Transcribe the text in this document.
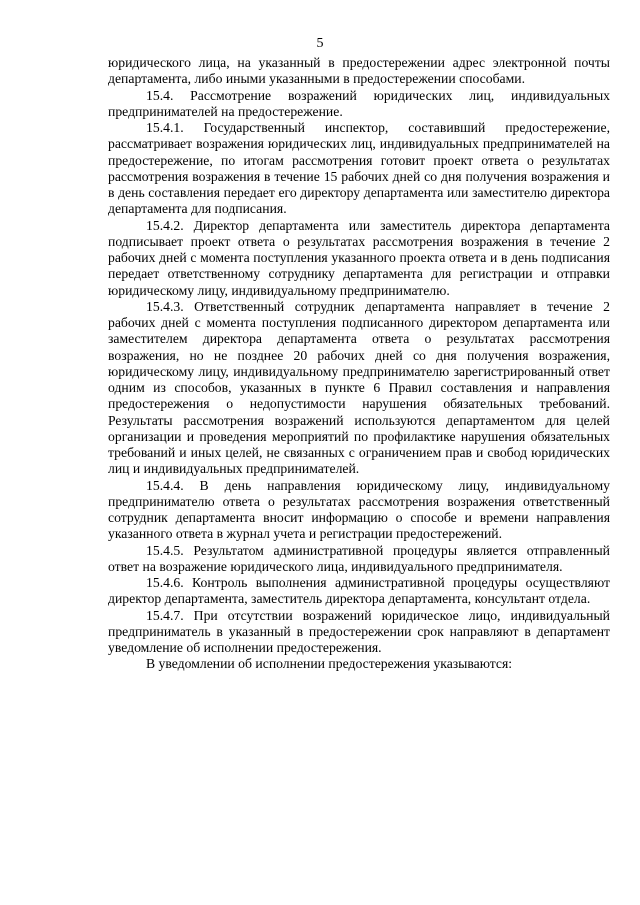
5

юридического лица, на указанный в предостережении адрес электронной почты департамента, либо иными указанными в предостережении способами.

15.4. Рассмотрение возражений юридических лиц, индивидуальных предпринимателей на предостережение.

15.4.1. Государственный инспектор, составивший предостережение, рассматривает возражения юридических лиц, индивидуальных предпринимателей на предостережение, по итогам рассмотрения готовит проект ответа о результатах рассмотрения возражения в течение 15 рабочих дней со дня получения возражения и в день составления передает его директору департамента или заместителю директора департамента для подписания.

15.4.2. Директор департамента или заместитель директора департамента подписывает проект ответа о результатах рассмотрения возражения в течение 2 рабочих дней с момента поступления указанного проекта ответа и в день подписания передает ответственному сотруднику департамента для регистрации и отправки юридическому лицу, индивидуальному предпринимателю.

15.4.3. Ответственный сотрудник департамента направляет в течение 2 рабочих дней с момента поступления подписанного директором департамента или заместителем директора департамента ответа о результатах рассмотрения возражения, но не позднее 20 рабочих дней со дня получения возражения, юридическому лицу, индивидуальному предпринимателю зарегистрированный ответ одним из способов, указанных в пункте 6 Правил составления и направления предостережения о недопустимости нарушения обязательных требований. Результаты рассмотрения возражений используются департаментом для целей организации и проведения мероприятий по профилактике нарушения обязательных требований и иных целей, не связанных с ограничением прав и свобод юридических лиц и индивидуальных предпринимателей.

15.4.4. В день направления юридическому лицу, индивидуальному предпринимателю ответа о результатах рассмотрения возражения ответственный сотрудник департамента вносит информацию о способе и времени направления указанного ответа в журнал учета и регистрации предостережений.

15.4.5. Результатом административной процедуры является отправленный ответ на возражение юридического лица, индивидуального предпринимателя.

15.4.6. Контроль выполнения административной процедуры осуществляют директор департамента, заместитель директора департамента, консультант отдела.

15.4.7. При отсутствии возражений юридическое лицо, индивидуальный предприниматель в указанный в предостережении срок направляют в департамент уведомление об исполнении предостережения.

В уведомлении об исполнении предостережения указываются:
